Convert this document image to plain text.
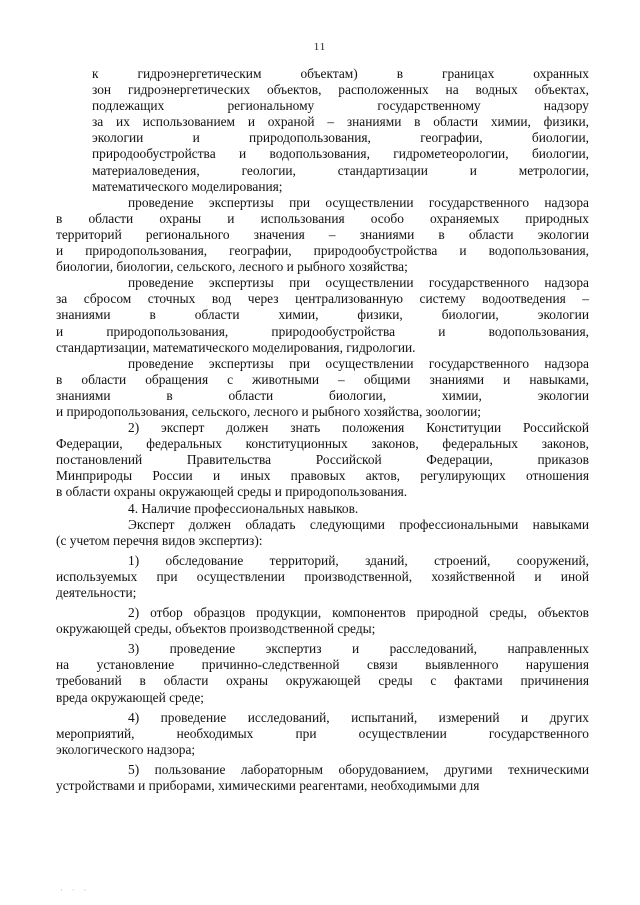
11

к гидроэнергетическим объектам) в границах охранных
зон гидроэнергетических объектов, расположенных на водных объектах,
подлежащих региональному государственному надзору
за их использованием и охраной – знаниями в области химии, физики,
экологии и природопользования, географии, биологии,
природообустройства и водопользования, гидрометеорологии, биологии,
материаловедения, геологии, стандартизации и метрологии,
математического моделирования;

проведение экспертизы при осуществлении государственного надзора
в области охраны и использования особо охраняемых природных
территорий регионального значения – знаниями в области экологии
и природопользования, географии, природообустройства и водопользования,
биологии, биологии, сельского, лесного и рыбного хозяйства;

проведение экспертизы при осуществлении государственного надзора
за сбросом сточных вод через централизованную систему водоотведения –
знаниями в области химии, физики, биологии, экологии
и природопользования, природообустройства и водопользования,
стандартизации, математического моделирования, гидрологии.

проведение экспертизы при осуществлении государственного надзора
в области обращения с животными – общими знаниями и навыками,
знаниями в области биологии, химии, экологии
и природопользования, сельского, лесного и рыбного хозяйства, зоологии;

2) эксперт должен знать положения Конституции Российской
Федерации, федеральных конституционных законов, федеральных законов,
постановлений Правительства Российской Федерации, приказов
Минприроды России и иных правовых актов, регулирующих отношения
в области охраны окружающей среды и природопользования.

4. Наличие профессиональных навыков.

Эксперт должен обладать следующими профессиональными навыками
(с учетом перечня видов экспертиз):

1) обследование территорий, зданий, строений, сооружений,
используемых при осуществлении производственной, хозяйственной и иной
деятельности;

2) отбор образцов продукции, компонентов природной среды, объектов
окружающей среды, объектов производственной среды;

3) проведение экспертиз и расследований, направленных
на установление причинно-следственной связи выявленного нарушения
требований в области охраны окружающей среды с фактами причинения
вреда окружающей среде;

4) проведение исследований, испытаний, измерений и других
мероприятий, необходимых при осуществлении государственного
экологического надзора;

5) пользование лабораторным оборудованием, другими техническими
устройствами и приборами, химическими реагентами, необходимыми для

· · ·
